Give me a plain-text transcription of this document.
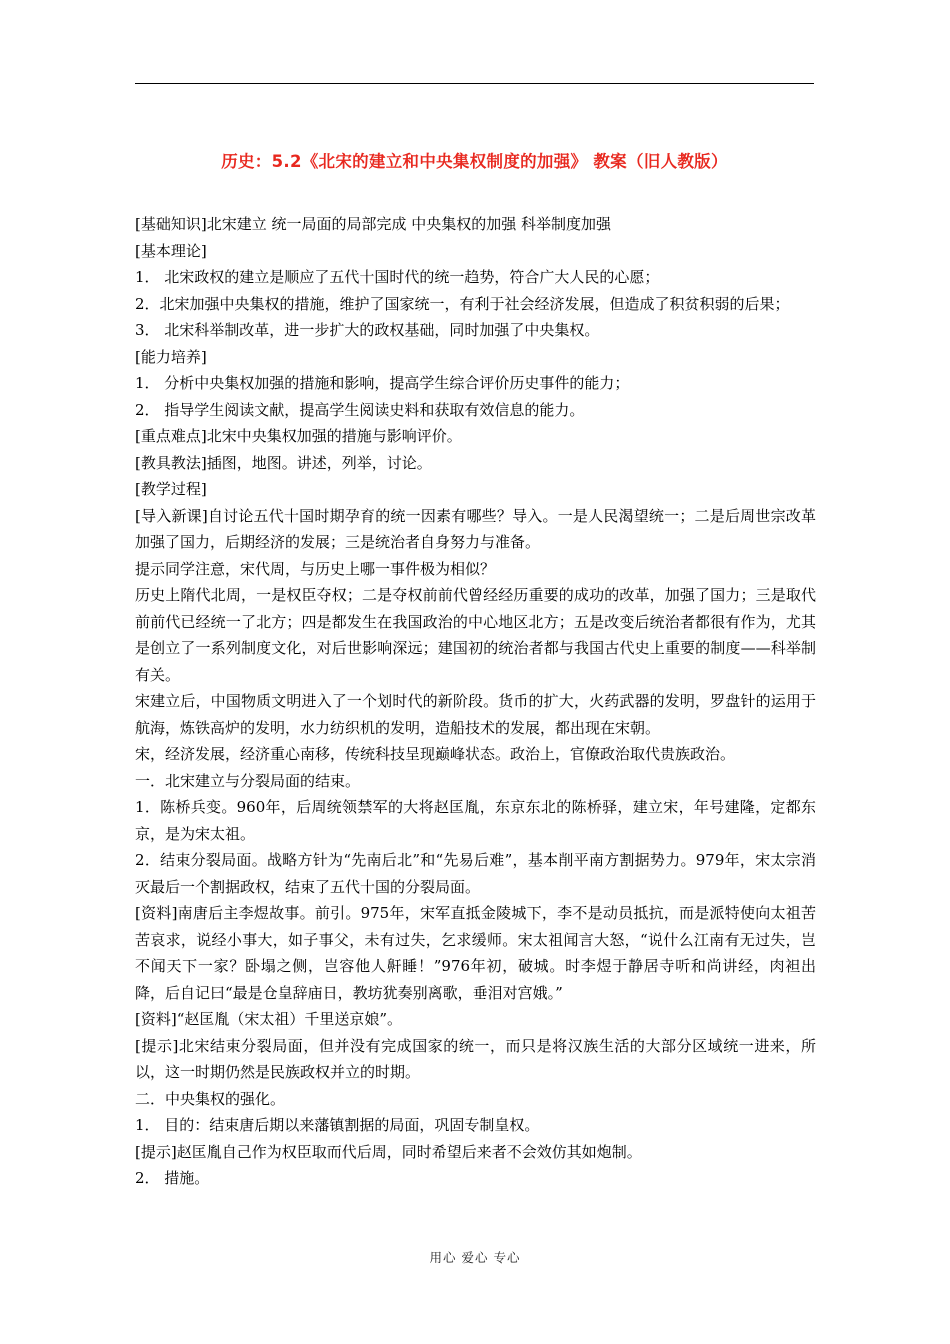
历史：5.2《北宋的建立和中央集权制度的加强》 教案（旧人教版）

[基础知识]北宋建立 统一局面的局部完成 中央集权的加强 科举制度加强

[基本理论]

1． 北宋政权的建立是顺应了五代十国时代的统一趋势，符合广大人民的心愿；

2．北宋加强中央集权的措施，维护了国家统一，有利于社会经济发展，但造成了积贫积弱的后果；

3． 北宋科举制改革，进一步扩大的政权基础，同时加强了中央集权。

[能力培养]

1． 分析中央集权加强的措施和影响，提高学生综合评价历史事件的能力；

2． 指导学生阅读文献，提高学生阅读史料和获取有效信息的能力。

[重点难点]北宋中央集权加强的措施与影响评价。

[教具教法]插图，地图。讲述，列举，讨论。

[教学过程]

[导入新课]自讨论五代十国时期孕育的统一因素有哪些？导入。一是人民渴望统一；二是后周世宗改革加强了国力，后期经济的发展；三是统治者自身努力与准备。

提示同学注意，宋代周，与历史上哪一事件极为相似？

历史上隋代北周，一是权臣夺权；二是夺权前前代曾经经历重要的成功的改革，加强了国力；三是取代前前代已经统一了北方；四是都发生在我国政治的中心地区北方；五是改变后统治者都很有作为，尤其是创立了一系列制度文化，对后世影响深远；建国初的统治者都与我国古代史上重要的制度——科举制有关。

宋建立后，中国物质文明进入了一个划时代的新阶段。货币的扩大，火药武器的发明，罗盘针的运用于航海，炼铁高炉的发明，水力纺织机的发明，造船技术的发展，都出现在宋朝。

宋，经济发展，经济重心南移，传统科技呈现巅峰状态。政治上，官僚政治取代贵族政治。

一．北宋建立与分裂局面的结束。

1．陈桥兵变。960年，后周统领禁军的大将赵匡胤，东京东北的陈桥驿，建立宋，年号建隆，定都东京，是为宋太祖。

2．结束分裂局面。战略方针为“先南后北”和“先易后难”，基本削平南方割据势力。979年，宋太宗消灭最后一个割据政权，结束了五代十国的分裂局面。

[资料]南唐后主李煜故事。前引。975年，宋军直抵金陵城下，李不是动员抵抗，而是派特使向太祖苦苦哀求，说经小事大，如子事父，未有过失，乞求缓师。宋太祖闻言大怒，“说什么江南有无过失，岂不闻天下一家？卧塌之侧，岂容他人鼾睡！”976年初，破城。时李煜于静居寺听和尚讲经，肉袒出降，后自记曰“最是仓皇辞庙日，教坊犹奏别离歌，垂泪对宫娥。”

[资料]“赵匡胤（宋太祖）千里送京娘”。

[提示]北宋结束分裂局面，但并没有完成国家的统一，而只是将汉族生活的大部分区域统一进来，所以，这一时期仍然是民族政权并立的时期。

二．中央集权的强化。

1． 目的：结束唐后期以来藩镇割据的局面，巩固专制皇权。

[提示]赵匡胤自己作为权臣取而代后周，同时希望后来者不会效仿其如炮制。

2． 措施。

用心 爱心 专心
